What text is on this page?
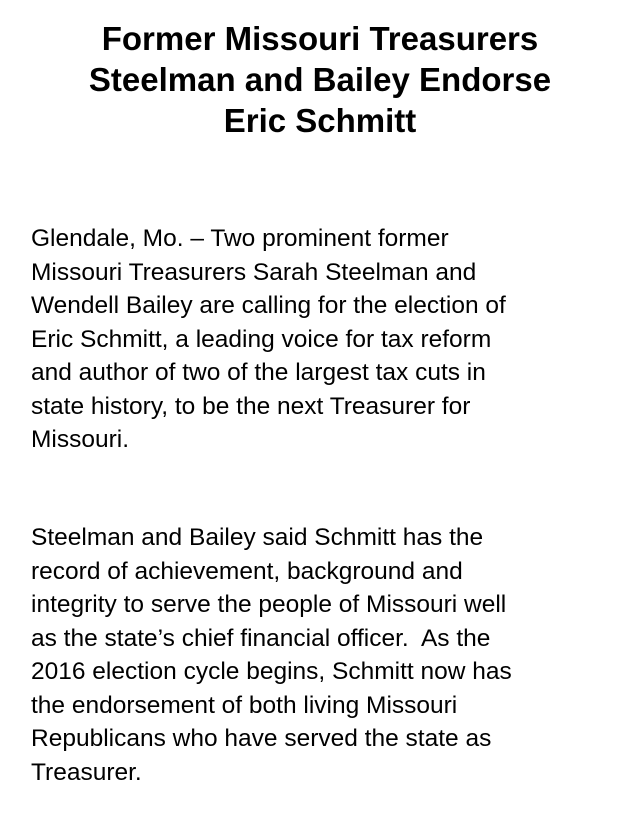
Former Missouri Treasurers
Steelman and Bailey Endorse
Eric Schmitt

Glendale, Mo. – Two prominent former
Missouri Treasurers Sarah Steelman and
Wendell Bailey are calling for the election of
Eric Schmitt, a leading voice for tax reform
and author of two of the largest tax cuts in
state history, to be the next Treasurer for
Missouri.

Steelman and Bailey said Schmitt has the
record of achievement, background and
integrity to serve the people of Missouri well
as the state’s chief financial officer.  As the
2016 election cycle begins, Schmitt now has
the endorsement of both living Missouri
Republicans who have served the state as
Treasurer.
